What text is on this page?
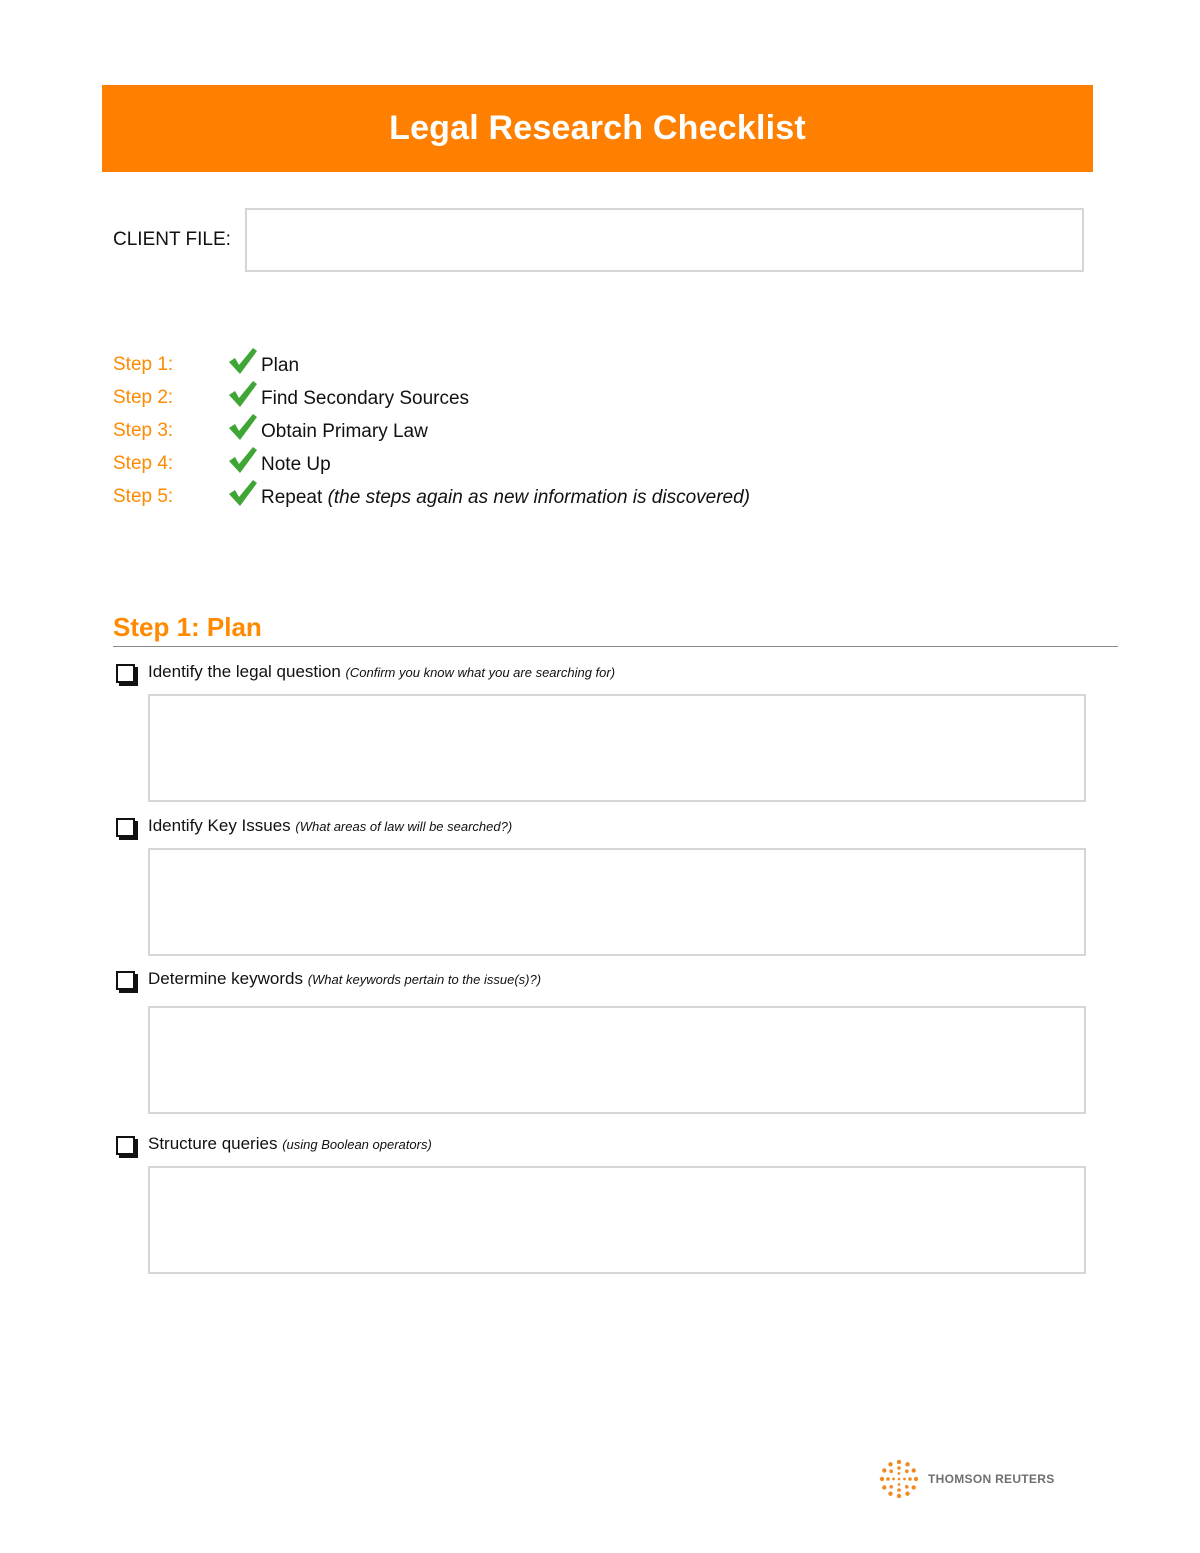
Legal Research Checklist
CLIENT FILE:
Step 1:	Plan
Step 2:	Find Secondary Sources
Step 3:	Obtain Primary Law
Step 4:	Note Up
Step 5:	Repeat (the steps again as new information is discovered)
Step 1: Plan
Identify the legal question (Confirm you know what you are searching for)
Identify Key Issues (What areas of law will be searched?)
Determine keywords (What keywords pertain to the issue(s)?)
Structure queries (using Boolean operators)
THOMSON REUTERS
